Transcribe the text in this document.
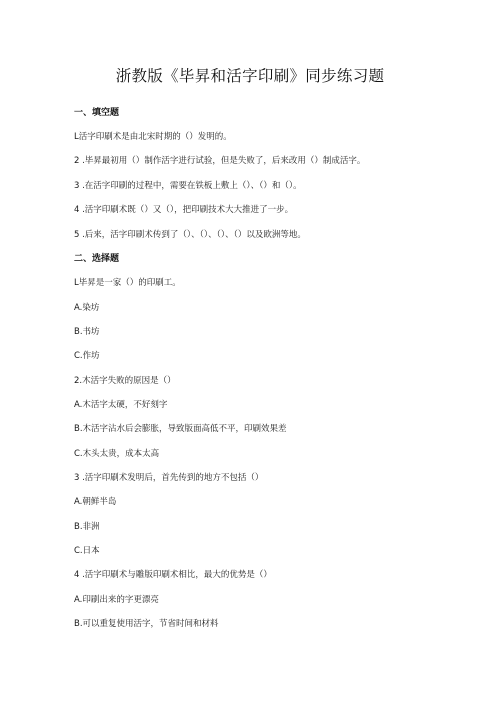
浙教版《毕昇和活字印刷》同步练习题
一、填空题
L活字印刷术是由北宋时期的（）发明的。
2 .毕昇最初用（）制作活字进行试验，但是失败了，后来改用（）制成活字。
3 .在活字印刷的过程中，需要在铁板上敷上（）、（）和（）。
4 .活字印刷术既（）又（），把印刷技术大大推进了一步。
5 .后来，活字印刷术传到了（）、（）、（）、（）以及欧洲等地。
二、选择题
L毕昇是一家（）的印刷工。
A.染坊
B.书坊
C.作坊
2.木活字失败的原因是（）
A.木活字太硬，不好刻字
B.木活字沾水后会膨胀，导致版面高低不平，印刷效果差
C.木头太贵，成本太高
3 .活字印刷术发明后，首先传到的地方不包括（）
A.朝鲜半岛
B.非洲
C.日本
4 .活字印刷术与雕版印刷术相比，最大的优势是（）
A.印刷出来的字更漂亮
B.可以重复使用活字，节省时间和材料
